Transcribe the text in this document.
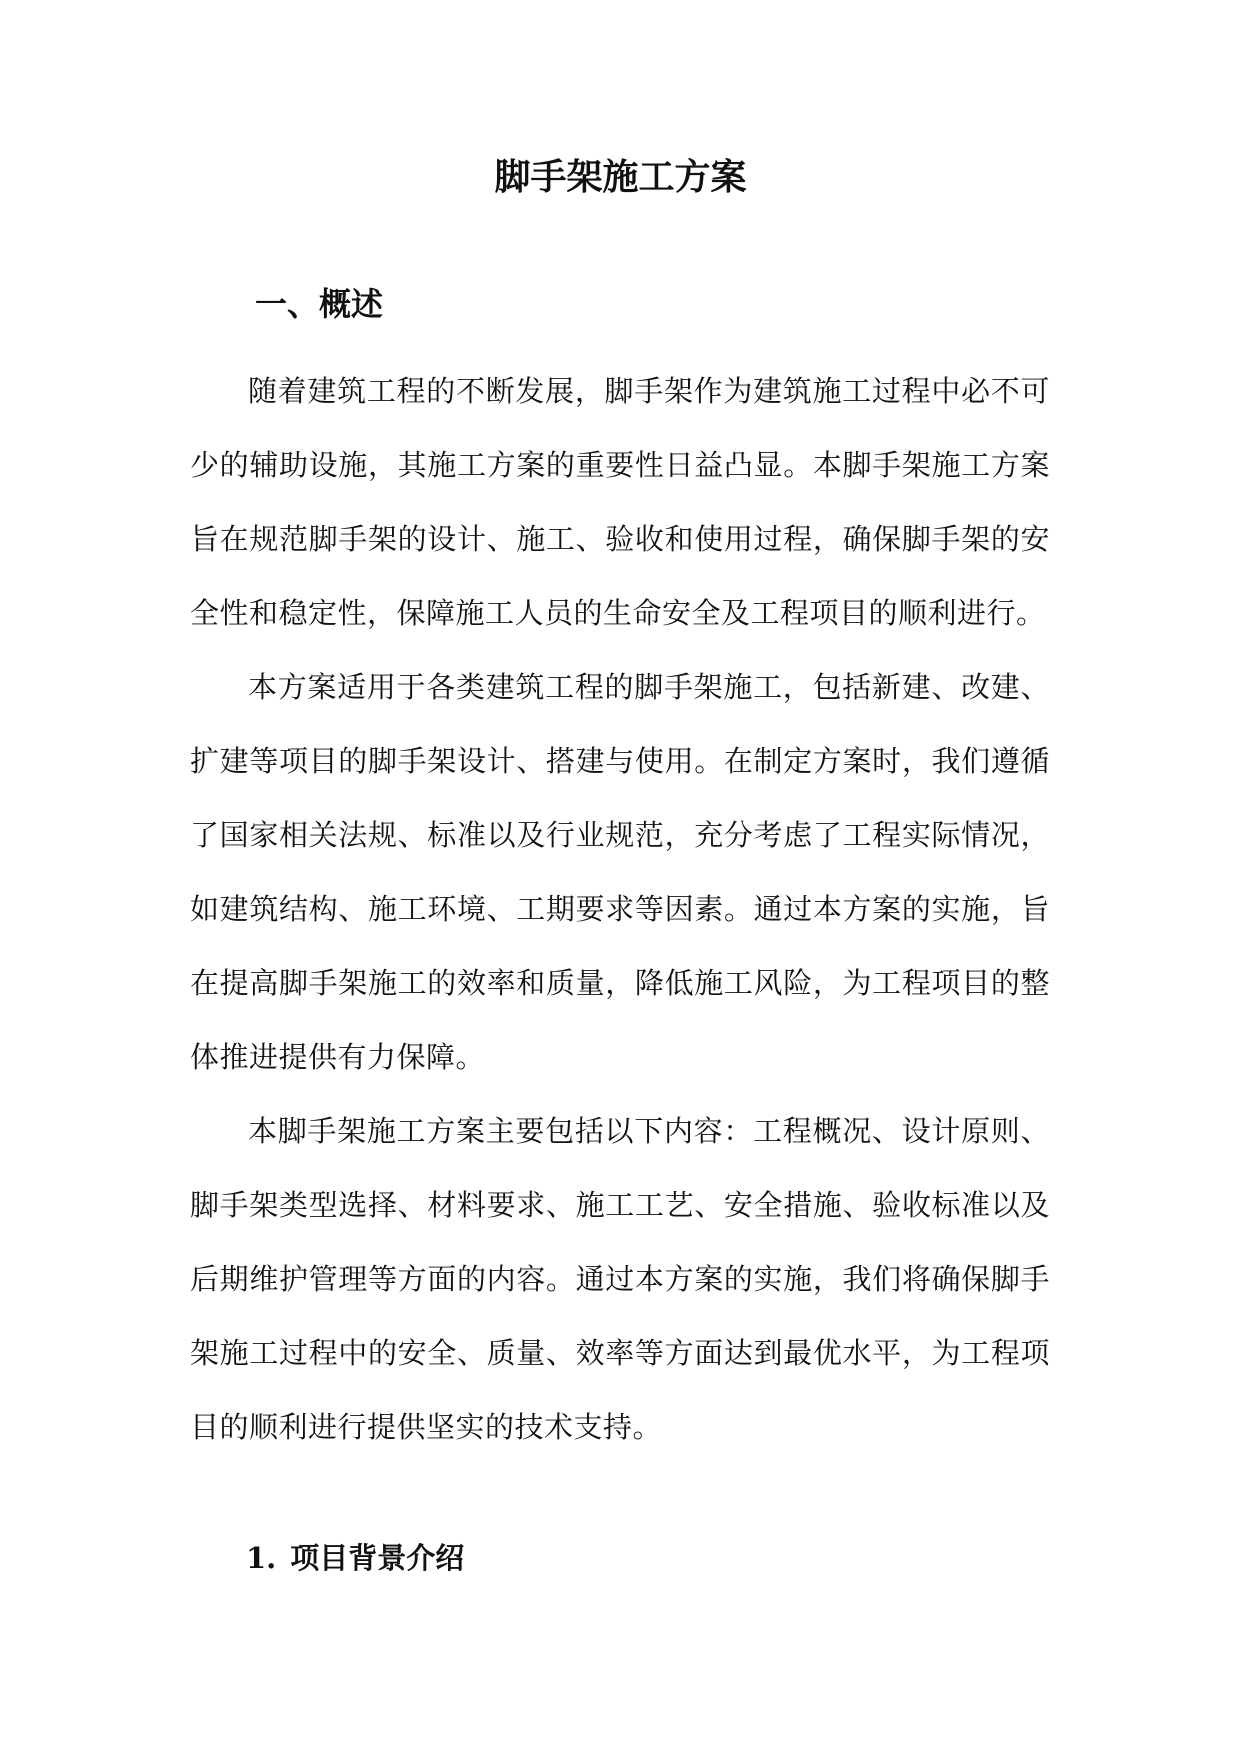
脚手架施工方案
一、概述

随着建筑工程的不断发展，脚手架作为建筑施工过程中必不可少的辅助设施，其施工方案的重要性日益凸显。本脚手架施工方案旨在规范脚手架的设计、施工、验收和使用过程，确保脚手架的安全性和稳定性，保障施工人员的生命安全及工程项目的顺利进行。

本方案适用于各类建筑工程的脚手架施工，包括新建、改建、扩建等项目的脚手架设计、搭建与使用。在制定方案时，我们遵循了国家相关法规、标准以及行业规范，充分考虑了工程实际情况，如建筑结构、施工环境、工期要求等因素。通过本方案的实施，旨在提高脚手架施工的效率和质量，降低施工风险，为工程项目的整体推进提供有力保障。

本脚手架施工方案主要包括以下内容：工程概况、设计原则、脚手架类型选择、材料要求、施工工艺、安全措施、验收标准以及后期维护管理等方面的内容。通过本方案的实施，我们将确保脚手架施工过程中的安全、质量、效率等方面达到最优水平，为工程项目的顺利进行提供坚实的技术支持。

1. 项目背景介绍
